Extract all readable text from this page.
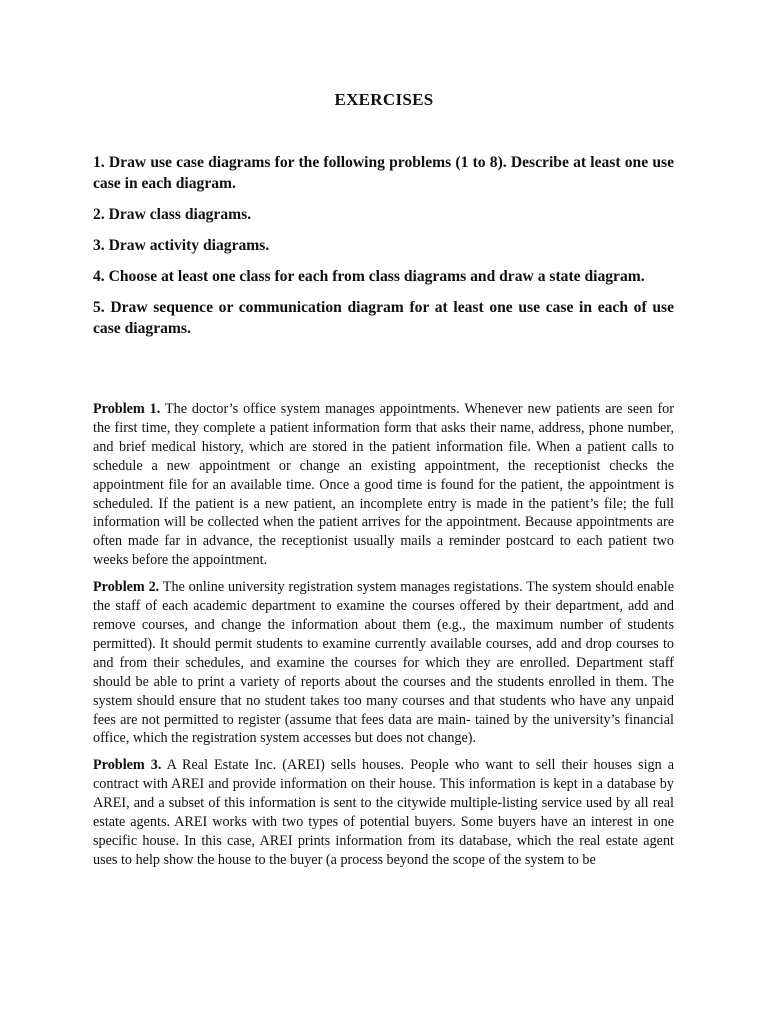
EXERCISES

1. Draw use case diagrams for the following problems (1 to 8). Describe at least one use case in each diagram.

2. Draw class diagrams.

3. Draw activity diagrams.

4. Choose at least one class for each from class diagrams and draw a state diagram.

5. Draw sequence or communication diagram for at least one use case in each of use case diagrams.

Problem 1. The doctor’s office system manages appointments. Whenever new patients are seen for the first time, they complete a patient information form that asks their name, address, phone number, and brief medical history, which are stored in the patient information file. When a patient calls to schedule a new appointment or change an existing appointment, the receptionist checks the appointment file for an available time. Once a good time is found for the patient, the appointment is scheduled. If the patient is a new patient, an incomplete entry is made in the patient’s file; the full information will be collected when the patient arrives for the appointment. Because appointments are often made far in advance, the receptionist usually mails a reminder postcard to each patient two weeks before the appointment.

Problem 2. The online university registration system manages registations. The system should enable the staff of each academic department to examine the courses offered by their department, add and remove courses, and change the information about them (e.g., the maximum number of students permitted). It should permit students to examine currently available courses, add and drop courses to and from their schedules, and examine the courses for which they are enrolled. Department staff should be able to print a variety of reports about the courses and the students enrolled in them. The system should ensure that no student takes too many courses and that students who have any unpaid fees are not permitted to register (assume that fees data are main- tained by the university’s financial office, which the registration system accesses but does not change).

Problem 3. A Real Estate Inc. (AREI) sells houses. People who want to sell their houses sign a contract with AREI and provide information on their house. This information is kept in a database by AREI, and a subset of this information is sent to the citywide multiple-listing service used by all real estate agents. AREI works with two types of potential buyers. Some buyers have an interest in one specific house. In this case, AREI prints information from its database, which the real estate agent uses to help show the house to the buyer (a process beyond the scope of the system to be
